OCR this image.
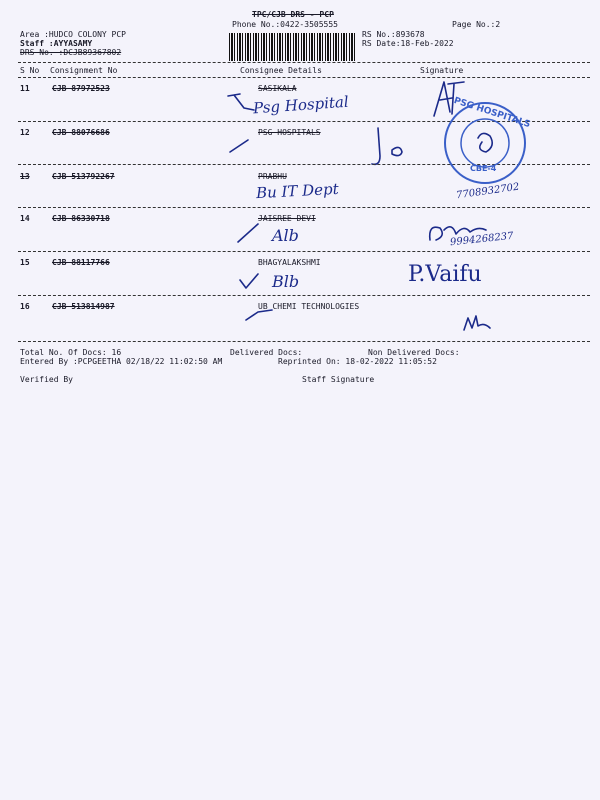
TPC/CJB DRS - PCP
Phone No.:0422-3505555	Page No.:2
Area :HUDCO COLONY PCP
Staff :AYYASAMY
DRS No. :DCJB89367802
RS No.:893678
RS Date:18-Feb-2022
S No Consignment No	Consignee Details	Signature
11	CJB 87972523	SASIKALA
Psg Hospital
12	CJB 88076686	PSG HOSPITALS
PSG HOSPITALS
CBE-4
13	CJB 513792267	PRABHU
Bu IT Dept	7708932702
14	CJB 86330718	JAISREE DEVI
Alb	9994268237
15	CJB 88117766	BHAGYALAKSHMI
Blb	P.Vaifu
16	CJB 513814987	UB CHEMI TECHNOLOGIES
Total No. Of Docs: 16	Delivered Docs:	Non Delivered Docs:
Entered By :PCPGEETHA 02/18/22 11:02:50 AM	Reprinted On: 18-02-2022 11:05:52
Verified By	Staff Signature
